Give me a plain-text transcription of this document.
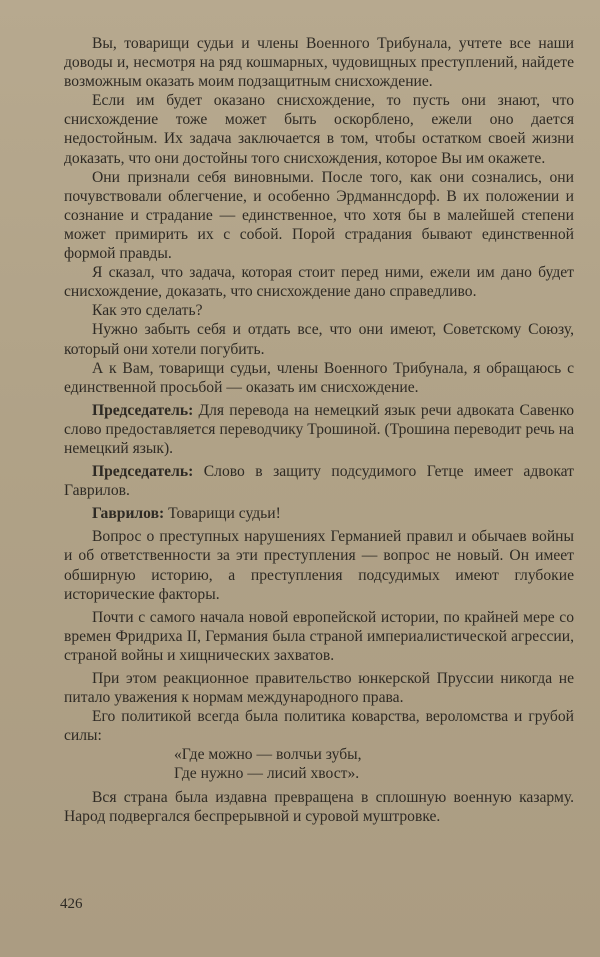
Вы, товарищи судьи и члены Военного Трибунала, учтете все наши доводы и, несмотря на ряд кошмарных, чудовищных преступлений, найдете возможным оказать моим подзащитным снисхождение.

Если им будет оказано снисхождение, то пусть они знают, что снисхождение тоже может быть оскорблено, ежели оно дается недостойным. Их задача заключается в том, чтобы остатком своей жизни доказать, что они достойны того снисхождения, которое Вы им окажете.

Они признали себя виновными. После того, как они сознались, они почувствовали облегчение, и особенно Эрдманнсдорф. В их положении и сознание и страдание — единственное, что хотя бы в малейшей степени может примирить их с собой. Порой страдания бывают единственной формой правды.

Я сказал, что задача, которая стоит перед ними, ежели им дано будет снисхождение, доказать, что снисхождение дано справедливо.

Как это сделать?

Нужно забыть себя и отдать все, что они имеют, Советскому Союзу, который они хотели погубить.

А к Вам, товарищи судьи, члены Военного Трибунала, я обращаюсь с единственной просьбой — оказать им снисхождение.

Председатель: Для перевода на немецкий язык речи адвоката Савенко слово предоставляется переводчику Трошиной. (Трошина переводит речь на немецкий язык).

Председатель: Слово в защиту подсудимого Гетце имеет адвокат Гаврилов.

Гаврилов: Товарищи судьи!

Вопрос о преступных нарушениях Германией правил и обычаев войны и об ответственности за эти преступления — вопрос не новый. Он имеет обширную историю, а преступления подсудимых имеют глубокие исторические факторы.

Почти с самого начала новой европейской истории, по крайней мере со времен Фридриха II, Германия была страной империалистической агрессии, страной войны и хищнических захватов.

При этом реакционное правительство юнкерской Пруссии никогда не питало уважения к нормам международного права.

Его политикой всегда была политика коварства, вероломства и грубой силы:

«Где можно — волчьи зубы,

Где нужно — лисий хвост».

Вся страна была издавна превращена в сплошную военную казарму. Народ подвергался беспрерывной и суровой муштровке.

426
